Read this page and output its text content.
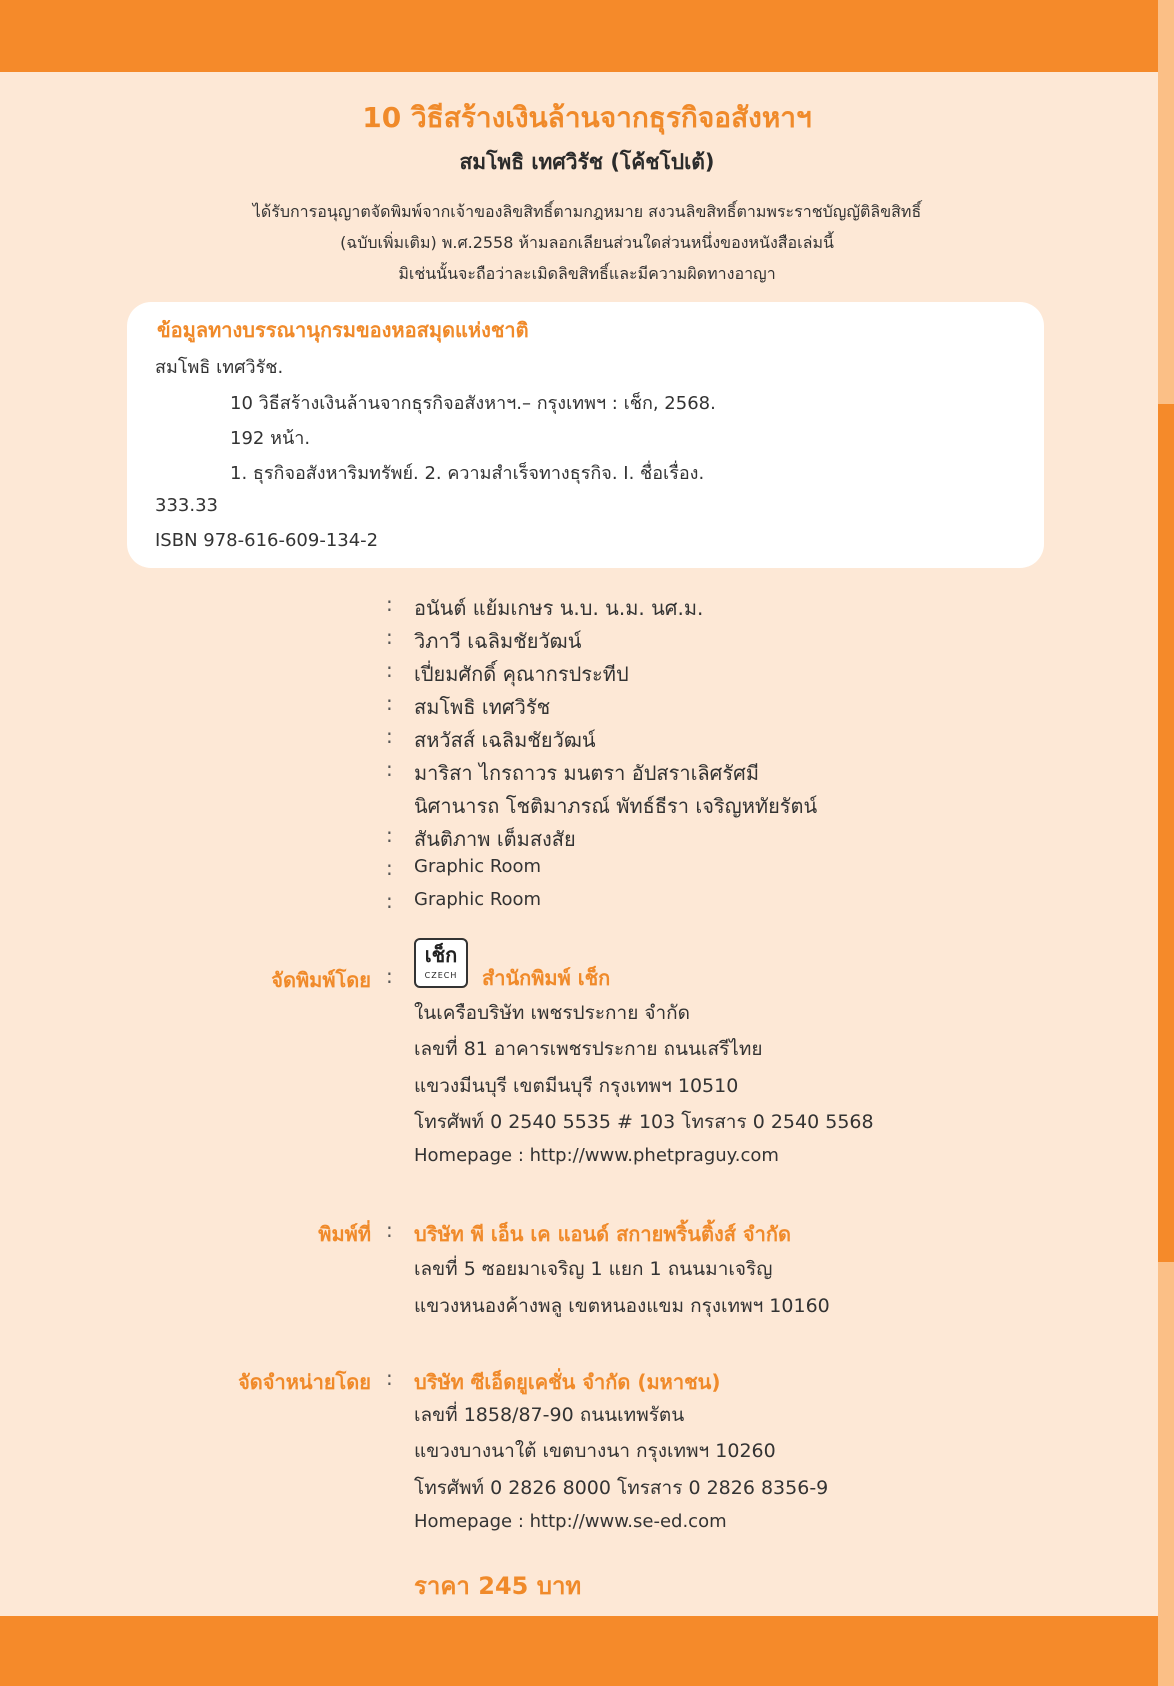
10 วิธีสร้างเงินล้านจากธุรกิจอสังหาฯ
สมโพธิ เทศวิรัช (โค้ชโปเต้)
ได้รับการอนุญาตจัดพิมพ์จากเจ้าของลิขสิทธิ์ตามกฎหมาย สงวนลิขสิทธิ์ตามพระราชบัญญัติลิขสิทธิ์
(ฉบับเพิ่มเติม) พ.ศ.2558 ห้ามลอกเลียนส่วนใดส่วนหนึ่งของหนังสือเล่มนี้
มิเช่นนั้นจะถือว่าละเมิดลิขสิทธิ์และมีความผิดทางอาญา
ข้อมูลทางบรรณานุกรมของหอสมุดแห่งชาติ
สมโพธิ เทศวิรัช.
10 วิธีสร้างเงินล้านจากธุรกิจอสังหาฯ.– กรุงเทพฯ : เช็ก, 2568.
192 หน้า.
1. ธุรกิจอสังหาริมทรัพย์. 2. ความสำเร็จทางธุรกิจ. I. ชื่อเรื่อง.
333.33
ISBN 978-616-609-134-2
: อนันต์ แย้มเกษร น.บ. น.ม. นศ.ม.
: วิภาวี เฉลิมชัยวัฒน์
: เปี่ยมศักดิ์ คุณากรประทีป
: สมโพธิ เทศวิรัช
: สหวัสส์ เฉลิมชัยวัฒน์
: มาริสา ไกรถาวร มนตรา อัปสราเลิศรัศมี
นิศานารถ โชติมาภรณ์ พัทธ์ธีรา เจริญหทัยรัตน์
: สันติภาพ เต็มสงสัย
: Graphic Room
: Graphic Room
จัดพิมพ์โดย :
เช็ก
CZECH	สำนักพิมพ์ เช็ก
ในเครือบริษัท เพชรประกาย จำกัด
เลขที่ 81 อาคารเพชรประกาย ถนนเสรีไทย
แขวงมีนบุรี เขตมีนบุรี กรุงเทพฯ 10510
โทรศัพท์ 0 2540 5535 # 103 โทรสาร 0 2540 5568
Homepage : http://www.phetpraguy.com
พิมพ์ที่ : บริษัท พี เอ็น เค แอนด์ สกายพริ้นติ้งส์ จำกัด
เลขที่ 5 ซอยมาเจริญ 1 แยก 1 ถนนมาเจริญ
แขวงหนองค้างพลู เขตหนองแขม กรุงเทพฯ 10160
จัดจำหน่ายโดย : บริษัท ซีเอ็ดยูเคชั่น จำกัด (มหาชน)
เลขที่ 1858/87-90 ถนนเทพรัตน
แขวงบางนาใต้ เขตบางนา กรุงเทพฯ 10260
โทรศัพท์ 0 2826 8000 โทรสาร 0 2826 8356-9
Homepage : http://www.se-ed.com
ราคา 245 บาท
